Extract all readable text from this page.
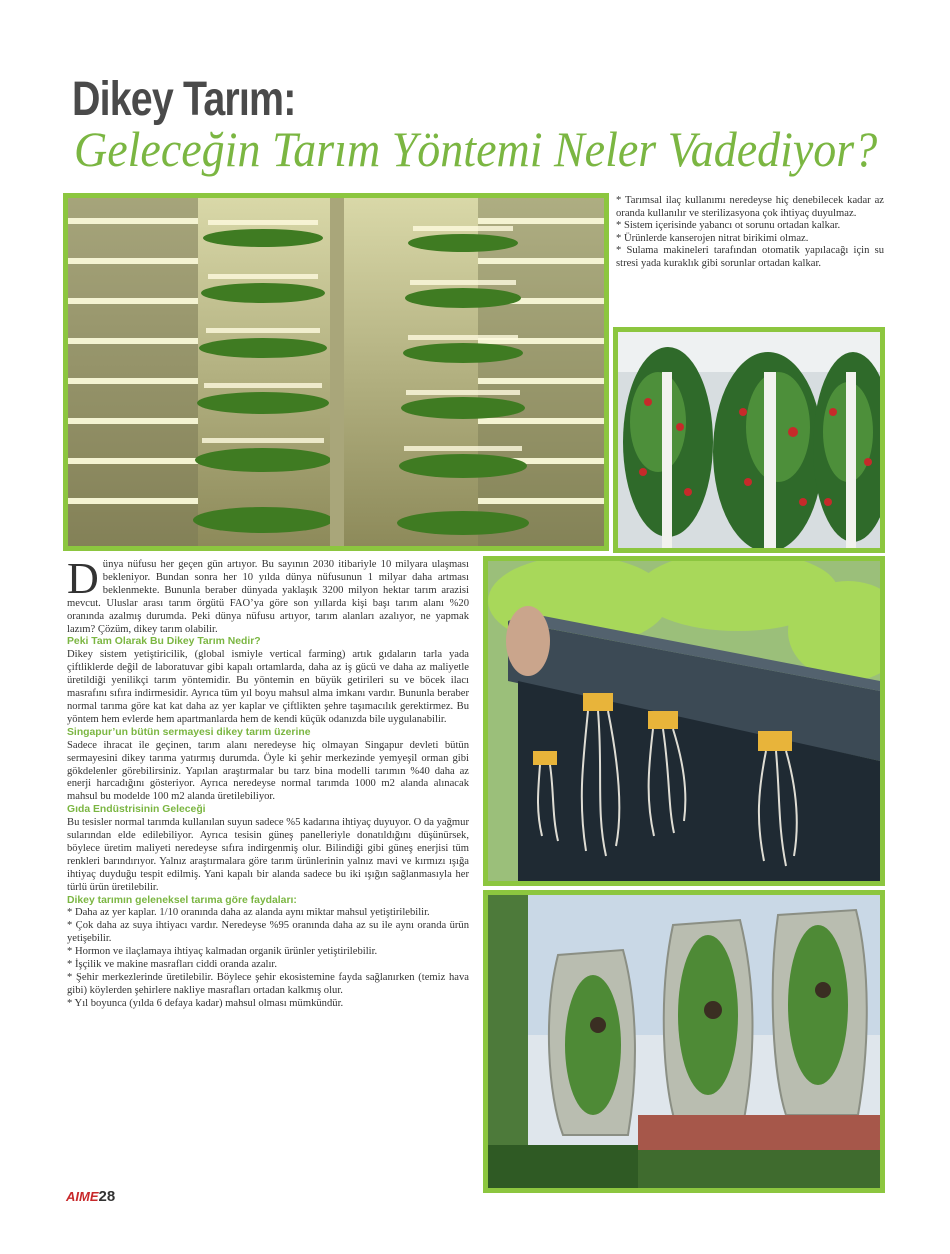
Dikey Tarım:
Geleceğin Tarım Yöntemi Neler Vadediyor?

* Tarımsal ilaç kullanımı neredeyse hiç denebilecek kadar az oranda kullanılır ve sterilizasyona çok ihtiyaç duyulmaz.

* Sistem içerisinde yabancı ot sorunu ortadan kalkar.

* Ürünlerde kanserojen nitrat birikimi olmaz.

* Sulama makineleri tarafından otomatik yapılacağı için su stresi yada kuraklık gibi sorunlar ortadan kalkar.

Dünya nüfusu her geçen gün artıyor. Bu sayının 2030 itibariyle 10 milyara ulaşması bekleniyor. Bundan sonra her 10 yılda dünya nüfusunun 1 milyar daha artması beklenmekte. Bununla beraber dünyada yaklaşık 3200 milyon hektar tarım arazisi mevcut. Uluslar arası tarım örgütü FAO’ya göre son yıllarda kişi başı tarım alanı %20 oranında azalmış durumda. Peki dünya nüfusu artıyor, tarım alanları azalıyor, ne yapmak lazım? Çözüm, dikey tarım olabilir.

Peki Tam Olarak Bu Dikey Tarım Nedir?

Dikey sistem yetiştiricilik, (global ismiyle vertical farming) artık gıdaların tarla yada çiftliklerde değil de laboratuvar gibi kapalı ortamlarda, daha az iş gücü ve daha az maliyetle üretildiği yenilikçi tarım yöntemidir. Bu yöntemin en büyük getirileri su ve böcek ilacı masrafını sıfıra indirmesidir. Ayrıca tüm yıl boyu mahsul alma imkanı vardır. Bununla beraber normal tarıma göre kat kat daha az yer kaplar ve çiftlikten şehre taşımacılık gerektirmez. Bu yöntem hem evlerde hem apartmanlarda hem de kendi küçük odanızda bile uygulanabilir.

Singapur’un bütün sermayesi dikey tarım üzerine

Sadece ihracat ile geçinen, tarım alanı neredeyse hiç olmayan Singapur devleti bütün sermayesini dikey tarıma yatırmış durumda. Öyle ki şehir merkezinde yemyeşil orman gibi gökdelenler görebilirsiniz. Yapılan araştırmalar bu tarz bina modelli tarımın %40 daha az enerji harcadığını gösteriyor. Ayrıca neredeyse normal tarımda 1000 m2 alanda alınacak mahsul bu modelde 100 m2 alanda üretilebiliyor.

Gıda Endüstrisinin Geleceği

Bu tesisler normal tarımda kullanılan suyun sadece %5 kadarına ihtiyaç duyuyor. O da yağmur sularından elde edilebiliyor. Ayrıca tesisin güneş panelleriyle donatıldığını düşünürsek, böylece üretim maliyeti neredeyse sıfıra indirgenmiş olur. Bilindiği gibi güneş enerjisi tüm renkleri barındırıyor. Yalnız araştırmalara göre tarım ürünlerinin yalnız mavi ve kırmızı ışığa ihtiyaç duyduğu tespit edilmiş. Yani kapalı bir alanda sadece bu iki ışığın sağlanmasıyla her türlü ürün üretilebilir.

Dikey tarımın geleneksel tarıma göre faydaları:

* Daha az yer kaplar. 1/10 oranında daha az alanda aynı miktar mahsul yetiştirilebilir.

* Çok daha az suya ihtiyacı vardır. Neredeyse %95 oranında daha az su ile aynı oranda ürün yetişebilir.

* Hormon ve ilaçlamaya ihtiyaç kalmadan organik ürünler yetiştirilebilir.

* İşçilik ve makine masrafları ciddi oranda azalır.

* Şehir merkezlerinde üretilebilir. Böylece şehir ekosistemine fayda sağlanırken (temiz hava gibi) köylerden şehirlere nakliye masrafları ortadan kalkmış olur.

* Yıl boyunca (yılda 6 defaya kadar) mahsul olması mümkündür.

AIME28
